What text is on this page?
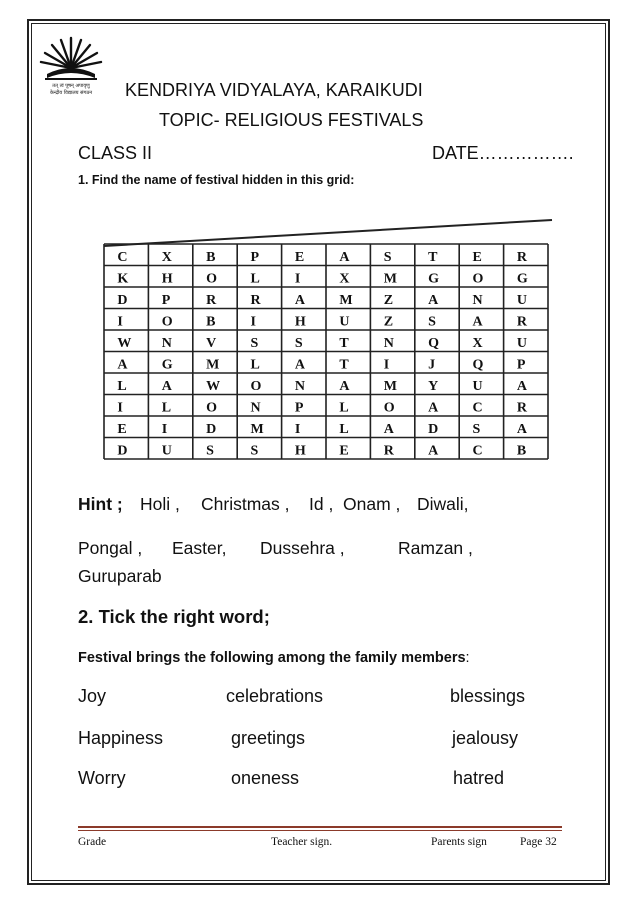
तत् त्वं पूषन् अपावृणु
केन्द्रीय विद्यालय संगठन KENDRIYA VIDYALAYA, KARAIKUDI
TOPIC- RELIGIOUS FESTIVALS
CLASS II	DATE…………….
1. Find the name of festival hidden in this grid:
C X B	P	E	A S	T	E	R
K H O L	I	X M G O G
D P	R R A M Z	A N U
I	O B	I	H U Z	S	A R
W N V S	S	T	N Q X U
A G M L	A T	I	J	Q P
L	A W O N A M Y U A
I	L	O N P	L	O A C R
E	I	D M I	L	A D S	A
D U S	S	H E	R A C B
Hint ; Holi , Christmas , Id , Onam , Diwali,
Pongal , Easter, Dussehra ,	Ramzan ,
Guruparab
2. Tick the right word;
Festival brings the following among the family members:
Joy	celebrations	blessings
Happiness	greetings	jealousy
Worry	oneness	hatred
Grade	Teacher sign.	Parents sign	Page 32
